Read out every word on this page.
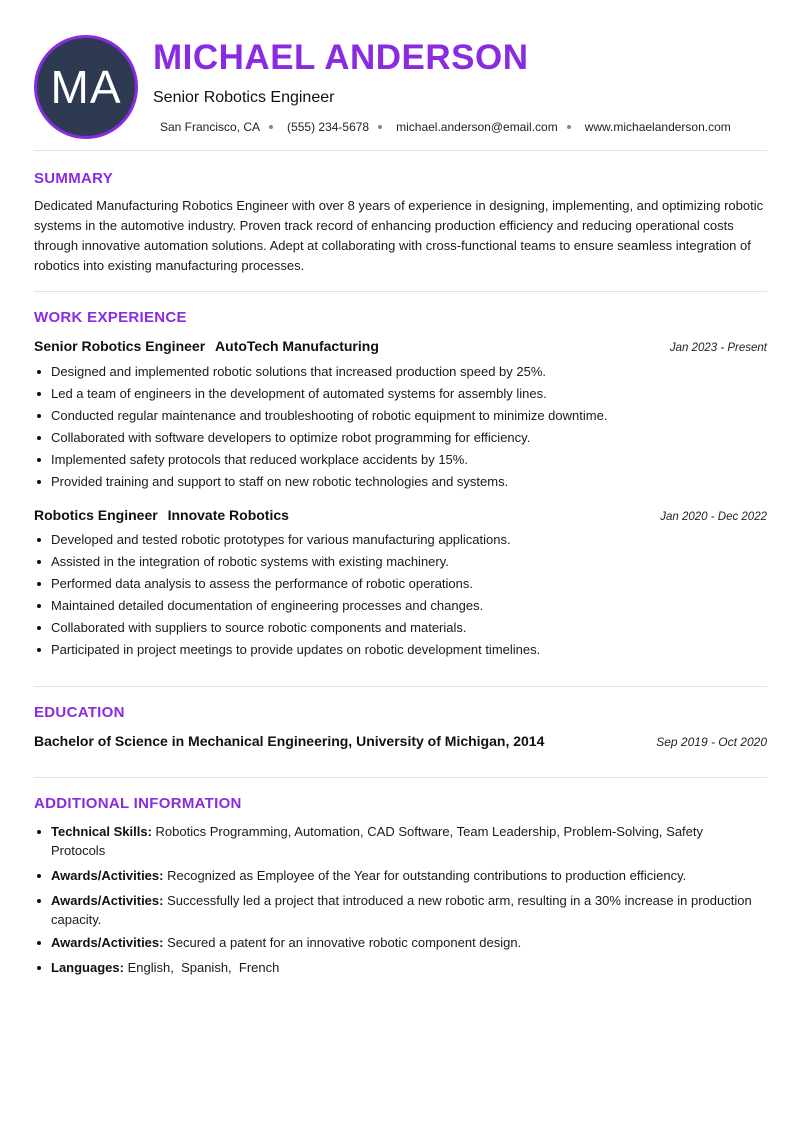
MA
MICHAEL ANDERSON
Senior Robotics Engineer
San Francisco, CA (555) 234-5678 michael.anderson@email.com www.michaelanderson.com
SUMMARY
Dedicated Manufacturing Robotics Engineer with over 8 years of experience in designing, implementing, and optimizing robotic systems in the automotive industry. Proven track record of enhancing production efficiency and reducing operational costs through innovative automation solutions. Adept at collaborating with cross-functional teams to ensure seamless integration of robotics into existing manufacturing processes.
WORK EXPERIENCE
Senior Robotics Engineer AutoTech Manufacturing	Jan 2023 - Present
Designed and implemented robotic solutions that increased production speed by 25%.
Led a team of engineers in the development of automated systems for assembly lines.
Conducted regular maintenance and troubleshooting of robotic equipment to minimize downtime.
Collaborated with software developers to optimize robot programming for efficiency.
Implemented safety protocols that reduced workplace accidents by 15%.
Provided training and support to staff on new robotic technologies and systems.
Robotics Engineer Innovate Robotics	Jan 2020 - Dec 2022
Developed and tested robotic prototypes for various manufacturing applications.
Assisted in the integration of robotic systems with existing machinery.
Performed data analysis to assess the performance of robotic operations.
Maintained detailed documentation of engineering processes and changes.
Collaborated with suppliers to source robotic components and materials.
Participated in project meetings to provide updates on robotic development timelines.
EDUCATION
Bachelor of Science in Mechanical Engineering, University of Michigan, 2014	Sep 2019 - Oct 2020
ADDITIONAL INFORMATION
Technical Skills: Robotics Programming, Automation, CAD Software, Team Leadership, Problem-Solving, Safety Protocols
Awards/Activities: Recognized as Employee of the Year for outstanding contributions to production efficiency.
Awards/Activities: Successfully led a project that introduced a new robotic arm, resulting in a 30% increase in production capacity.
Awards/Activities: Secured a patent for an innovative robotic component design.
Languages: English,  Spanish,  French
